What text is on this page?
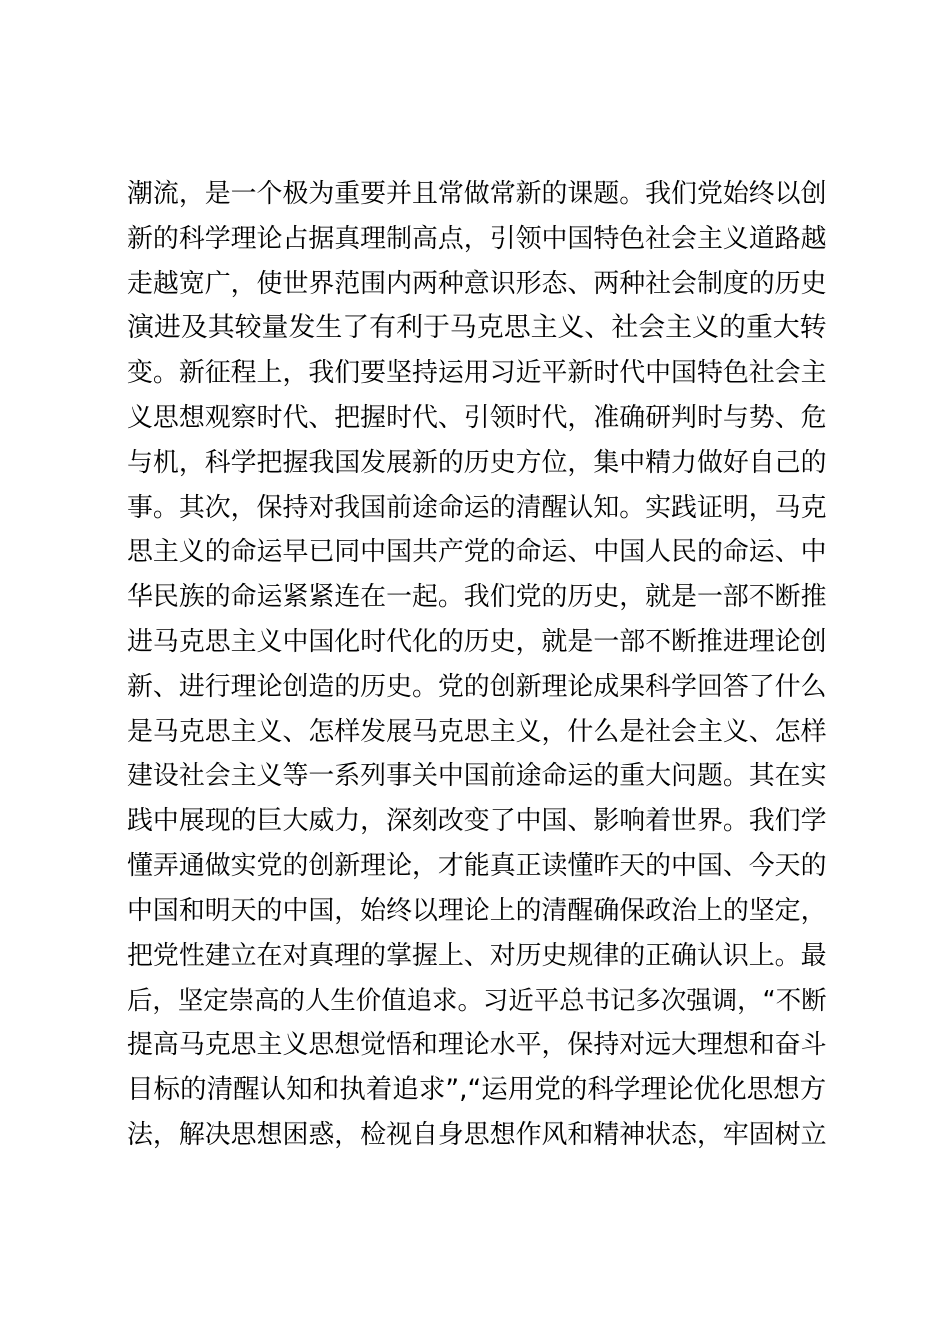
潮流，是一个极为重要并且常做常新的课题。我们党始终以创
新的科学理论占据真理制高点，引领中国特色社会主义道路越
走越宽广，使世界范围内两种意识形态、两种社会制度的历史
演进及其较量发生了有利于马克思主义、社会主义的重大转
变。新征程上，我们要坚持运用习近平新时代中国特色社会主
义思想观察时代、把握时代、引领时代，准确研判时与势、危
与机，科学把握我国发展新的历史方位，集中精力做好自己的
事。其次，保持对我国前途命运的清醒认知。实践证明，马克
思主义的命运早已同中国共产党的命运、中国人民的命运、中
华民族的命运紧紧连在一起。我们党的历史，就是一部不断推
进马克思主义中国化时代化的历史，就是一部不断推进理论创
新、进行理论创造的历史。党的创新理论成果科学回答了什么
是马克思主义、怎样发展马克思主义，什么是社会主义、怎样
建设社会主义等一系列事关中国前途命运的重大问题。其在实
践中展现的巨大威力，深刻改变了中国、影响着世界。我们学
懂弄通做实党的创新理论，才能真正读懂昨天的中国、今天的
中国和明天的中国，始终以理论上的清醒确保政治上的坚定，
把党性建立在对真理的掌握上、对历史规律的正确认识上。最
后，坚定崇高的人生价值追求。习近平总书记多次强调，“不断
提高马克思主义思想觉悟和理论水平，保持对远大理想和奋斗
目标的清醒认知和执着追求”,“运用党的科学理论优化思想方
法，解决思想困惑，检视自身思想作风和精神状态，牢固树立
